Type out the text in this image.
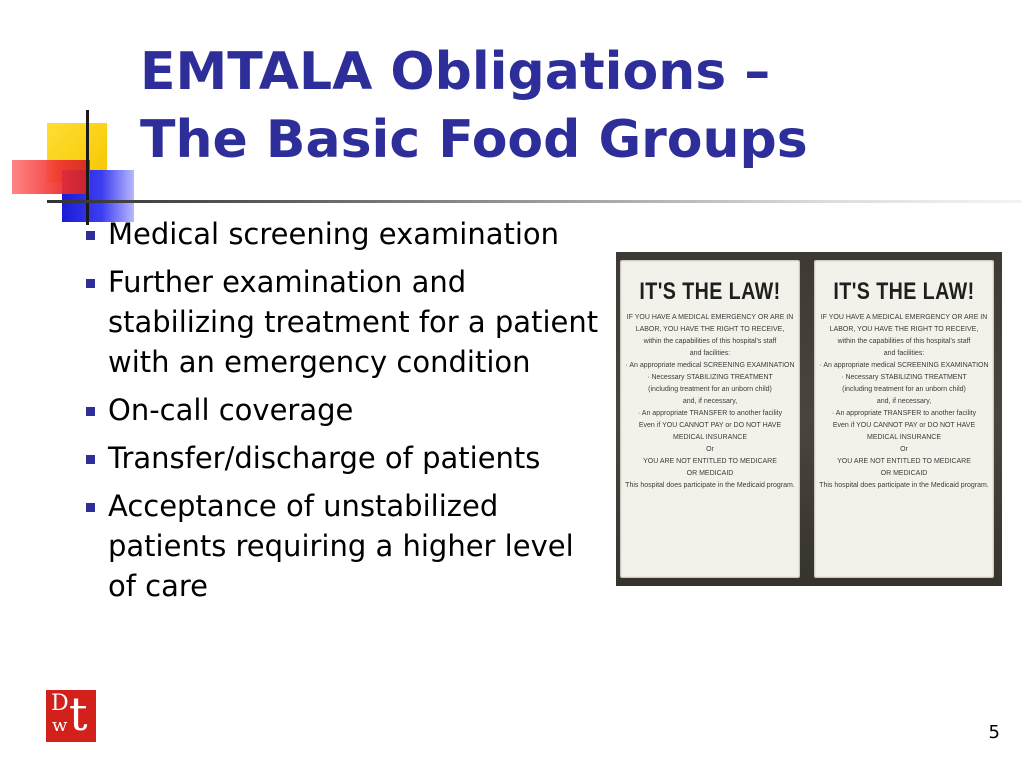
EMTALA Obligations –
The Basic Food Groups
Medical screening examination
Further examination and stabilizing treatment for a patient with an emergency condition
On-call coverage
Transfer/discharge of patients
Acceptance of unstabilized patients requiring a higher level of care
IT'S THE LAW!
IF YOU HAVE A MEDICAL EMERGENCY OR ARE IN
LABOR, YOU HAVE THE RIGHT TO RECEIVE,
within the capabilities of this hospital's staff
and facilities:
· An appropriate medical SCREENING EXAMINATION
· Necessary STABILIZING TREATMENT
(including treatment for an unborn child)
and, if necessary,
· An appropriate TRANSFER to another facility
Even if YOU CANNOT PAY or DO NOT HAVE
MEDICAL INSURANCE
Or
YOU ARE NOT ENTITLED TO MEDICARE
OR MEDICAID
This hospital does participate in the Medicaid program.
IT'S THE LAW!
IF YOU HAVE A MEDICAL EMERGENCY OR ARE IN
LABOR, YOU HAVE THE RIGHT TO RECEIVE,
within the capabilities of this hospital's staff
and facilities:
· An appropriate medical SCREENING EXAMINATION
· Necessary STABILIZING TREATMENT
(including treatment for an unborn child)
and, if necessary,
· An appropriate TRANSFER to another facility
Even if YOU CANNOT PAY or DO NOT HAVE
MEDICAL INSURANCE
Or
YOU ARE NOT ENTITLED TO MEDICARE
OR MEDICAID
This hospital does participate in the Medicaid program.
D
w t	5
